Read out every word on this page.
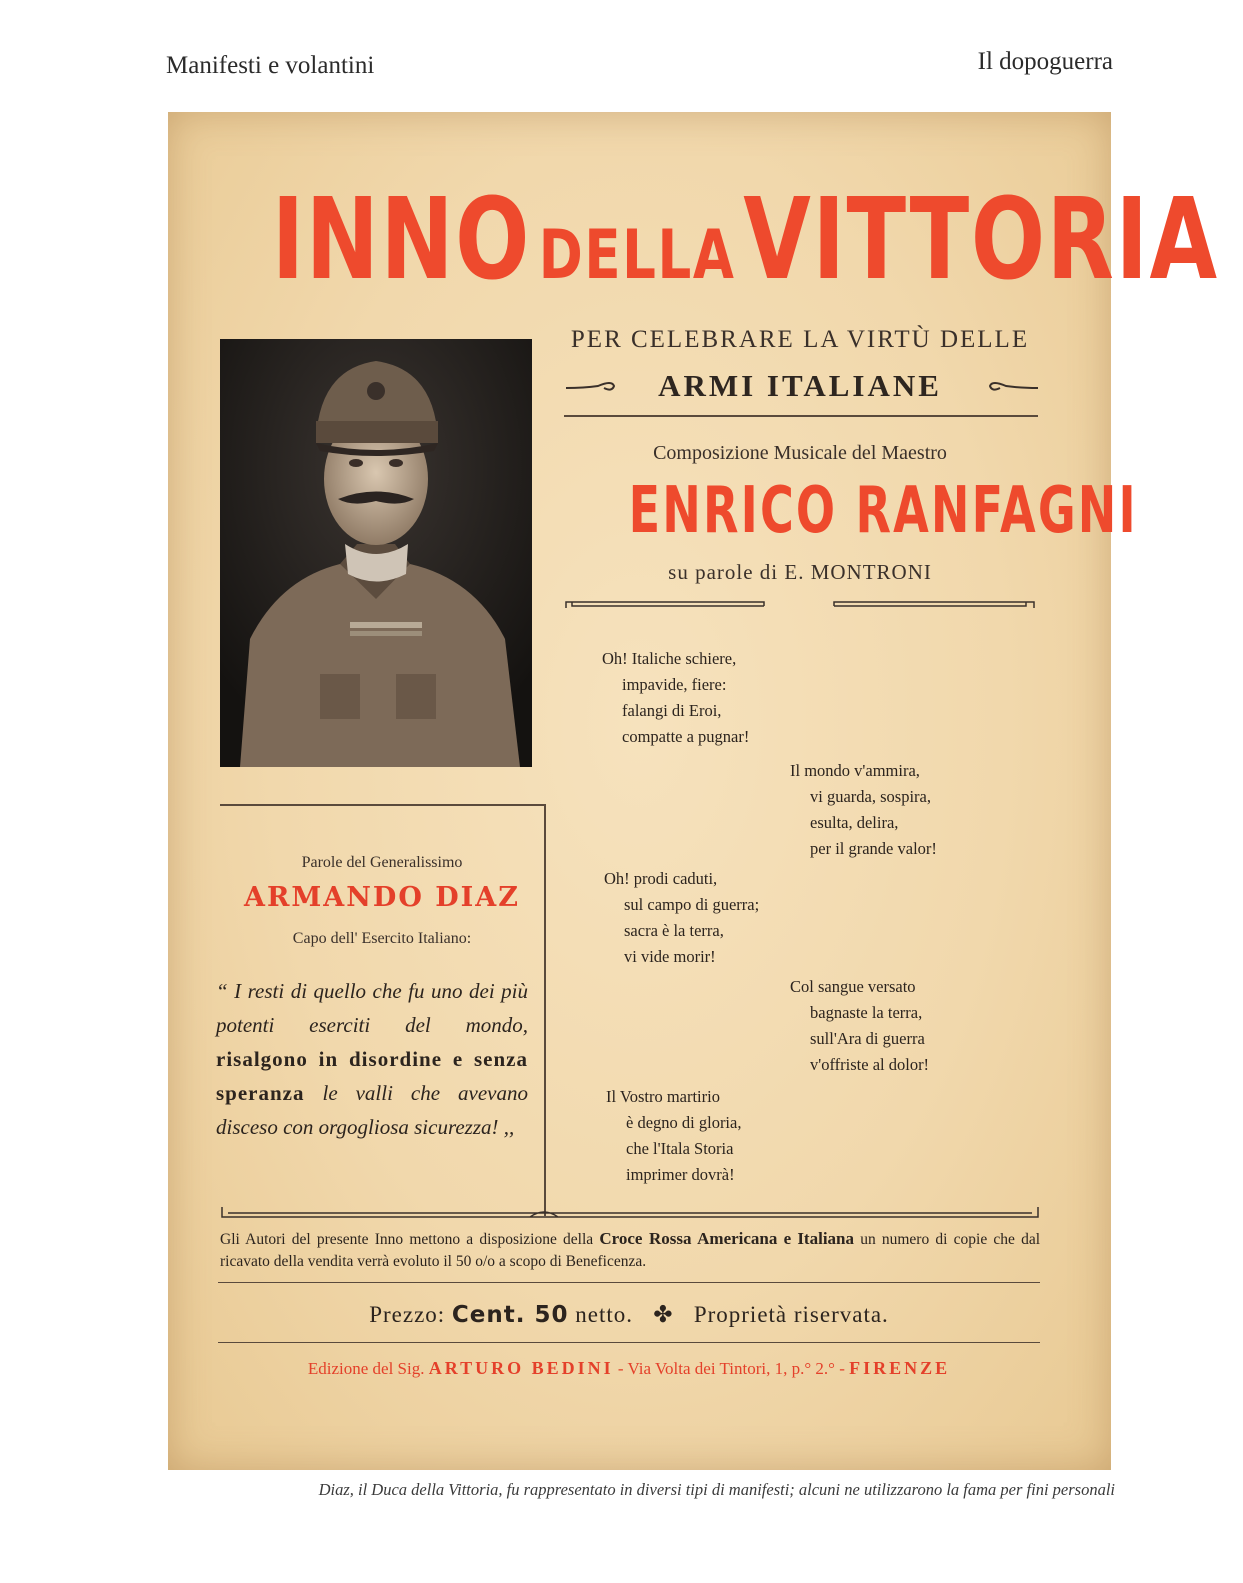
Manifesti e volantini	Il dopoguerra
INNO DELLAVITTORIA
PER CELEBRARE LA VIRTÙ DELLE
ARMI ITALIANE
Composizione Musicale del Maestro
ENRICO RANFAGNI
su parole di E. MONTRONI
Oh! Italiche schiere,
impavide, fiere:
falangi di Eroi,
compatte a pugnar!
Il mondo v'ammira,
vi guarda, sospira,
esulta, delira,
per il grande valor!
Oh! prodi caduti,
sul campo di guerra;
sacra è la terra,
vi vide morir!
Col sangue versato
bagnaste la terra,
sull'Ara di guerra
v'offriste al dolor!
Il Vostro martirio
è degno di gloria,
che l'Itala Storia
imprimer dovrà!
Parole del Generalissimo
ARMANDO DIAZ
Capo dell' Esercito Italiano:
“ I resti di quello che fu uno dei più potenti eserciti del mondo, risalgono in disordine e senza speranza le valli che avevano disceso con orgogliosa sicurezza! ,,
Gli Autori del presente Inno mettono a disposizione della Croce Rossa Americana e Italiana un numero di copie che dal ricavato della vendita verrà evoluto il 50 o/o a scopo di Beneficenza.
Prezzo: Cent. 50 netto. ✤ Proprietà riservata.
Edizione del Sig. ARTURO BEDINI - Via Volta dei Tintori, 1, p.° 2.° - FIRENZE
Diaz, il Duca della Vittoria, fu rappresentato in diversi tipi di manifesti; alcuni ne utilizzarono la fama per fini personali
